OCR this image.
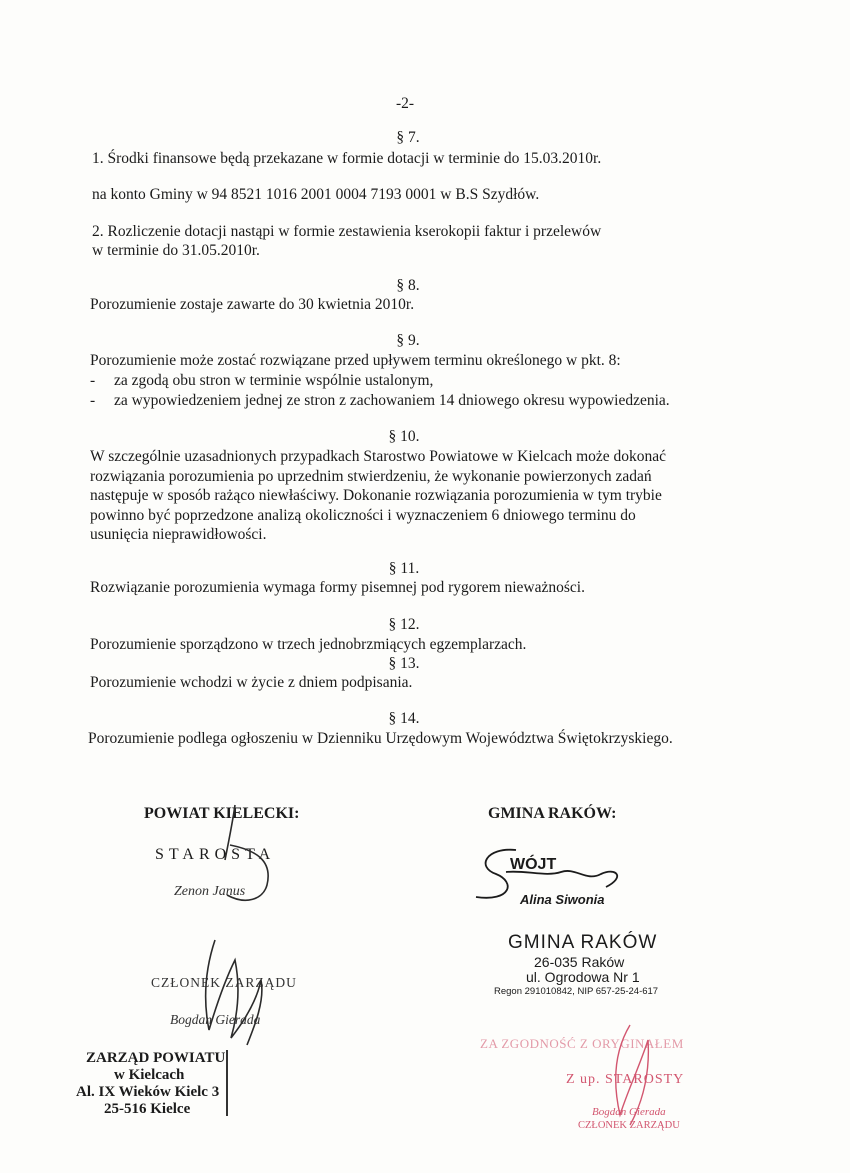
-2-
§ 7.
1. Środki finansowe będą przekazane w formie dotacji w terminie do 15.03.2010r.
na konto Gminy w 94 8521 1016 2001 0004 7193 0001 w B.S Szydłów.
2. Rozliczenie dotacji nastąpi w formie zestawienia kserokopii faktur i przelewów
w terminie do 31.05.2010r.
§ 8.
Porozumienie zostaje zawarte do 30 kwietnia 2010r.
§ 9.
Porozumienie może zostać rozwiązane przed upływem terminu określonego w pkt. 8:
- za zgodą obu stron w terminie wspólnie ustalonym,
- za wypowiedzeniem jednej ze stron z zachowaniem 14 dniowego okresu wypowiedzenia.
§ 10.
W szczególnie uzasadnionych przypadkach Starostwo Powiatowe w Kielcach może dokonać
rozwiązania porozumienia po uprzednim stwierdzeniu, że wykonanie powierzonych zadań
następuje w sposób rażąco niewłaściwy. Dokonanie rozwiązania porozumienia w tym trybie
powinno być poprzedzone analizą okoliczności i wyznaczeniem 6 dniowego terminu do
usunięcia nieprawidłowości.
§ 11.
Rozwiązanie porozumienia wymaga formy pisemnej pod rygorem nieważności.
§ 12.
Porozumienie sporządzono w trzech jednobrzmiących egzemplarzach.
§ 13.
Porozumienie wchodzi w życie z dniem podpisania.
§ 14.
Porozumienie podlega ogłoszeniu w Dzienniku Urzędowym Województwa Świętokrzyskiego.
POWIAT KIELECKI:
STAROSTA
Zenon Janus
CZŁONEK ZARZĄDU
Bogdan Gierada
ZARZĄD POWIATU
w Kielcach
Al. IX Wieków Kielc 3
25-516 Kielce
GMINA RAKÓW:
WÓJT
Alina Siwonia
GMINA RAKÓW
26-035 Raków
ul. Ogrodowa Nr 1
Regon 291010842, NIP 657-25-24-617
ZA ZGODNOŚĆ Z ORYGINAŁEM
Z up. STAROSTY
Bogdan Gierada
CZŁONEK ZARZĄDU
